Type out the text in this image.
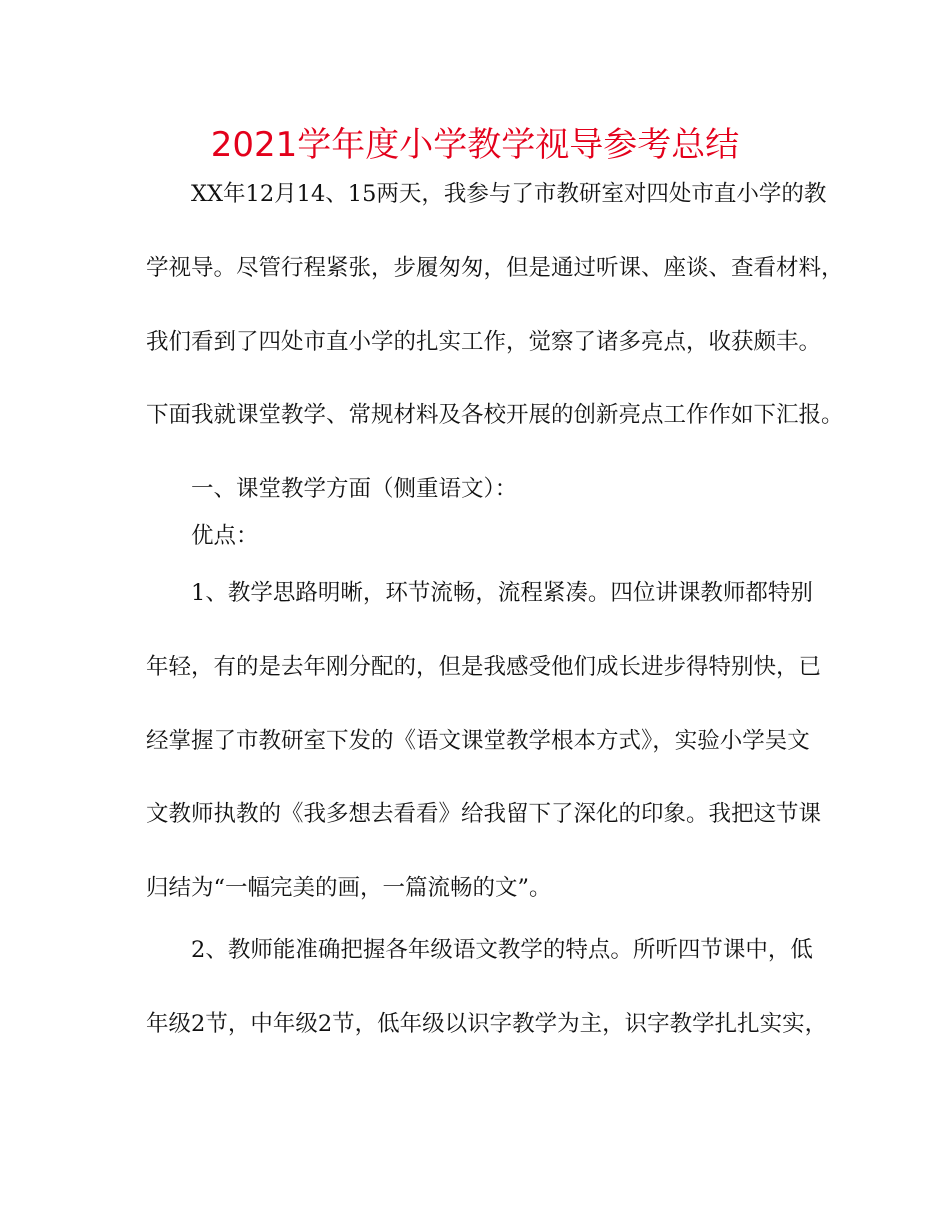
2021学年度小学教学视导参考总结
XX年12月14、15两天，我参与了市教研室对四处市直小学的教
学视导。尽管行程紧张，步履匆匆，但是通过听课、座谈、查看材料，
我们看到了四处市直小学的扎实工作，觉察了诸多亮点，收获颇丰。
下面我就课堂教学、常规材料及各校开展的创新亮点工作作如下汇报。
一、课堂教学方面（侧重语文）：
优点：
1、教学思路明晰，环节流畅，流程紧凑。四位讲课教师都特别
年轻，有的是去年刚分配的，但是我感受他们成长进步得特别快，已
经掌握了市教研室下发的《语文课堂教学根本方式》，实验小学吴文
文教师执教的《我多想去看看》给我留下了深化的印象。我把这节课
归结为“一幅完美的画，一篇流畅的文”。
2、教师能准确把握各年级语文教学的特点。所听四节课中，低
年级2节，中年级2节，低年级以识字教学为主，识字教学扎扎实实，
